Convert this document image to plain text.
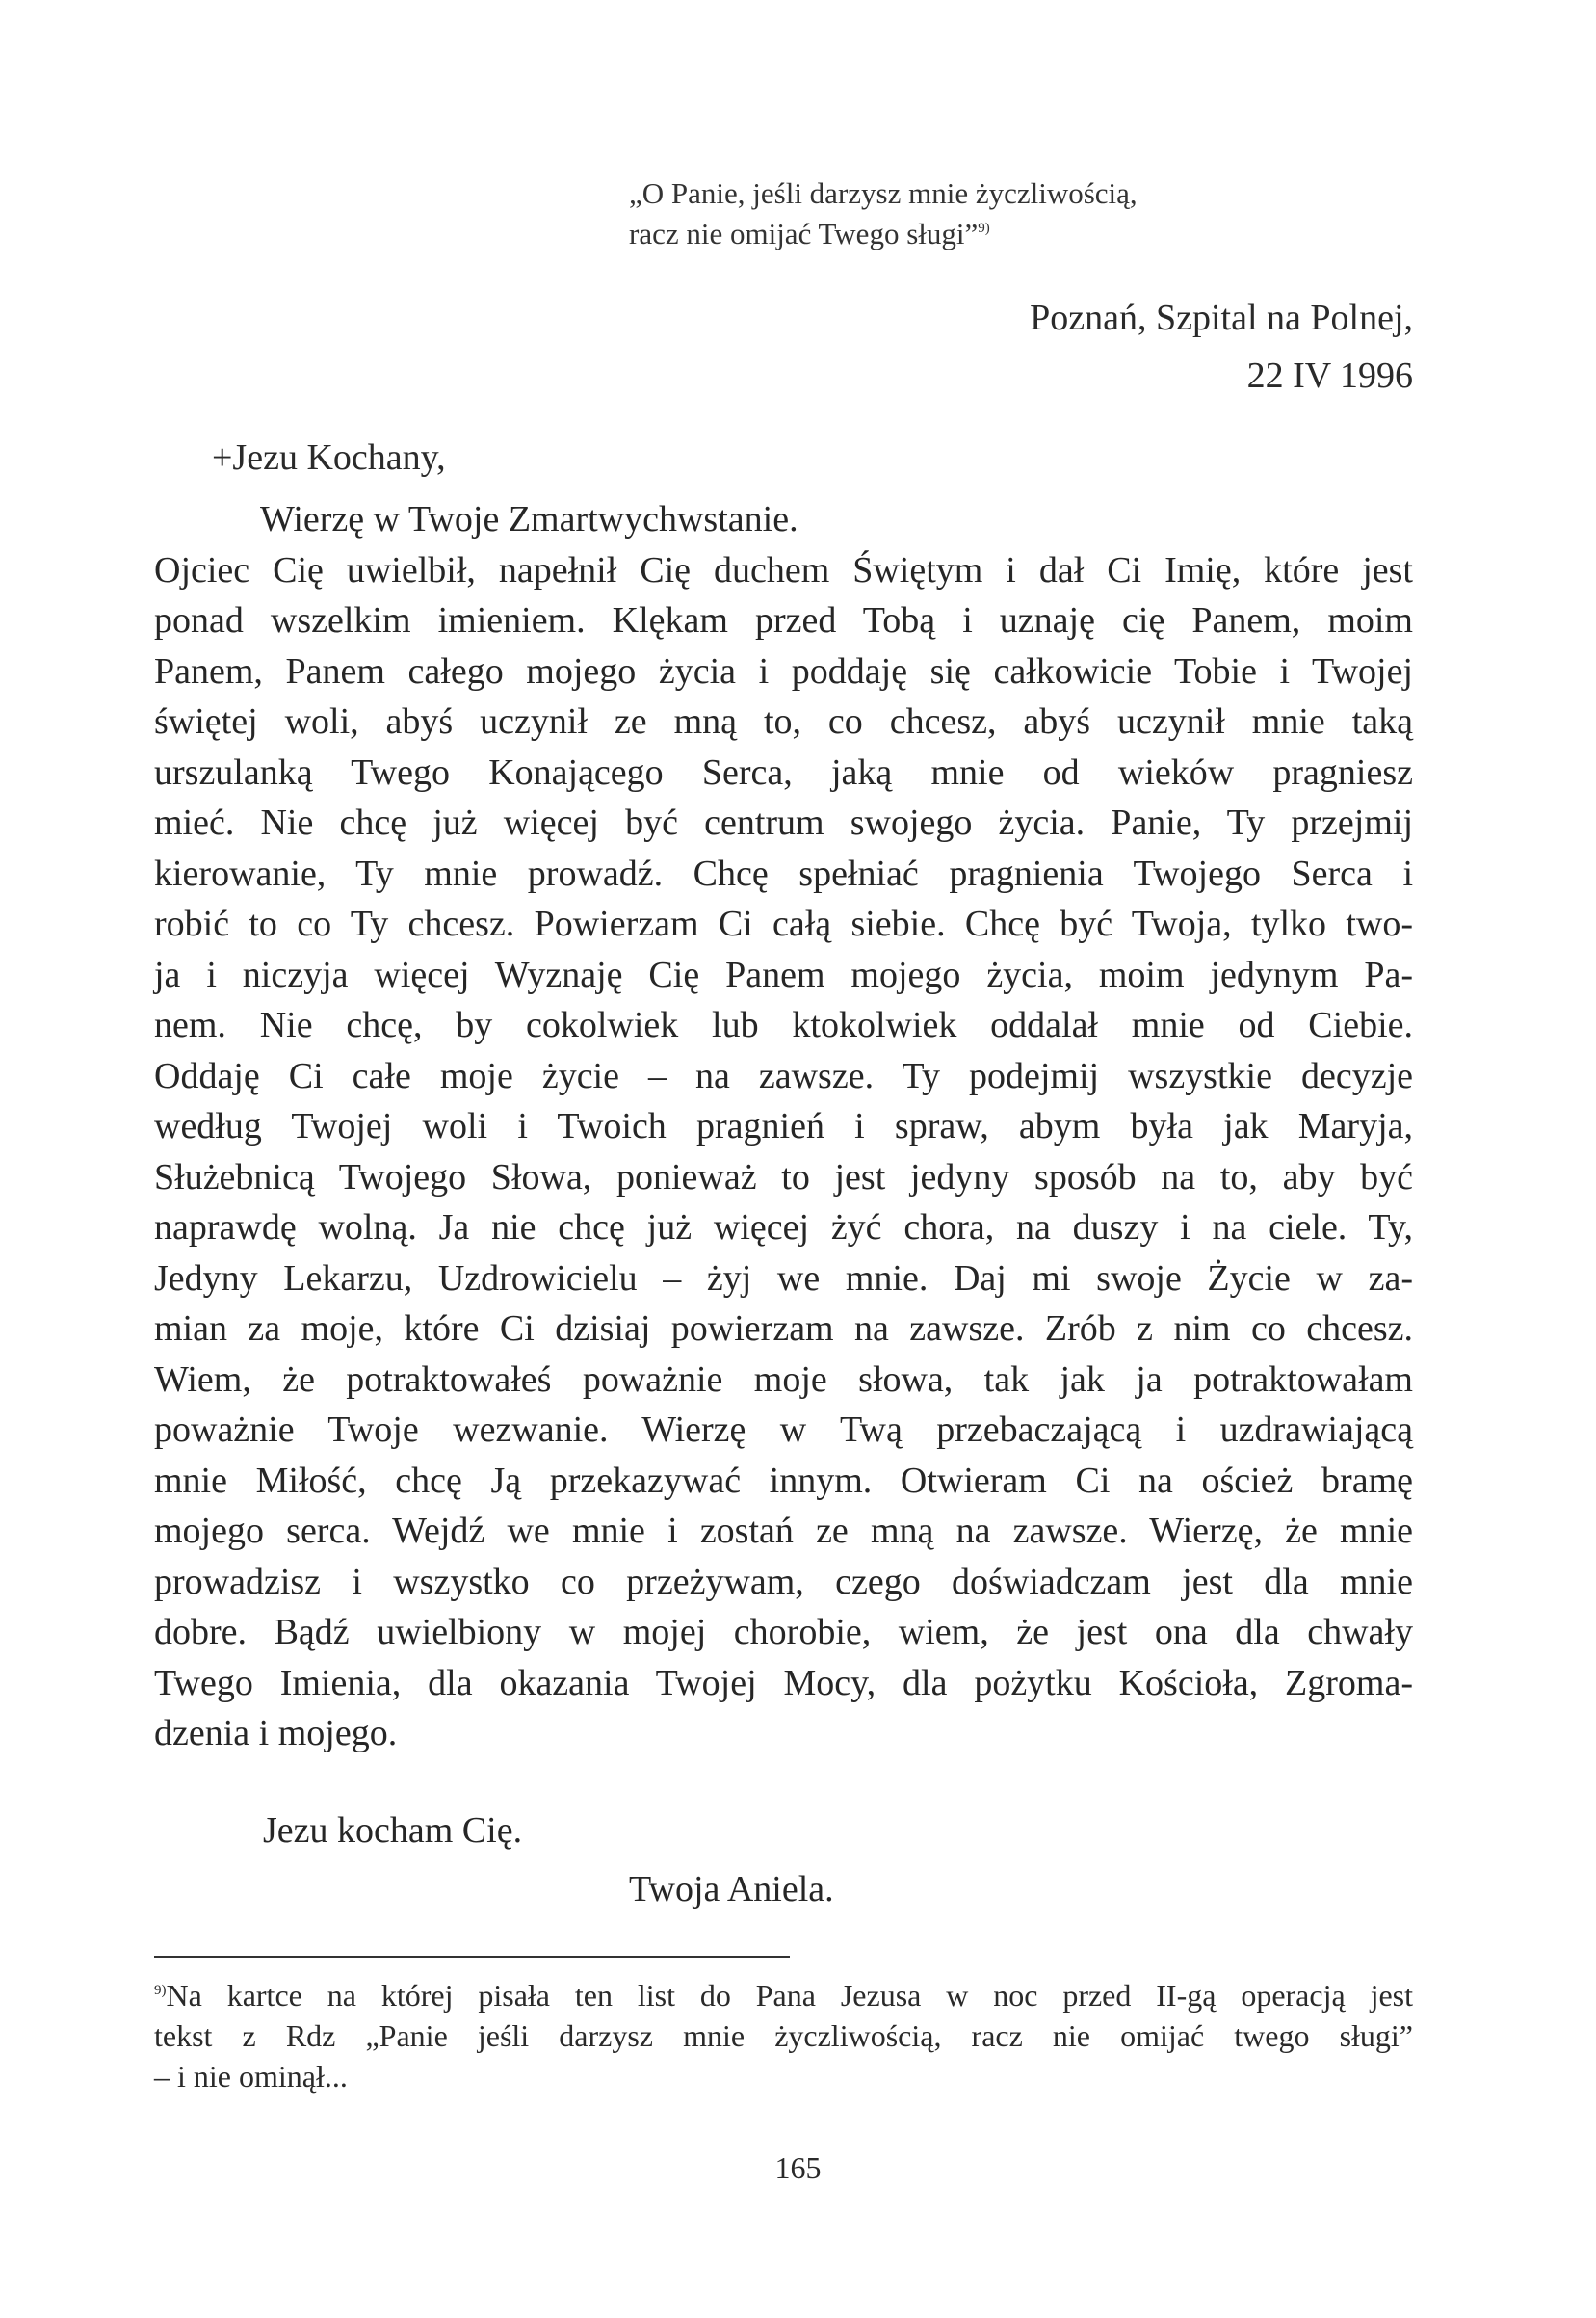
„O Panie, jeśli darzysz mnie życzliwością,
racz nie omijać Twego sługi”$^{9)}$
Poznań, Szpital na Polnej,
22 IV 1996
+Jezu Kochany,
Wierzę w Twoje Zmartwychwstanie.
Ojciec Cię uwielbił, napełnił Cię duchem Świętym i dał Ci Imię, które jest
ponad wszelkim imieniem. Klękam przed Tobą i uznaję cię Panem, moim
Panem, Panem całego mojego życia i poddaję się całkowicie Tobie i Twojej
świętej woli, abyś uczynił ze mną to, co chcesz, abyś uczynił mnie taką
urszulanką Twego Konającego Serca, jaką mnie od wieków pragniesz
mieć. Nie chcę już więcej być centrum swojego życia. Panie, Ty przejmij
kierowanie, Ty mnie prowadź. Chcę spełniać pragnienia Twojego Serca i
robić to co Ty chcesz. Powierzam Ci całą siebie. Chcę być Twoja, tylko two-
ja i niczyja więcej Wyznaję Cię Panem mojego życia, moim jedynym Pa-
nem. Nie chcę, by cokolwiek lub ktokolwiek oddalał mnie od Ciebie.
Oddaję Ci całe moje życie – na zawsze. Ty podejmij wszystkie decyzje
według Twojej woli i Twoich pragnień i spraw, abym była jak Maryja,
Służebnicą Twojego Słowa, ponieważ to jest jedyny sposób na to, aby być
naprawdę wolną. Ja nie chcę już więcej żyć chora, na duszy i na ciele. Ty,
Jedyny Lekarzu, Uzdrowicielu – żyj we mnie. Daj mi swoje Życie w za-
mian za moje, które Ci dzisiaj powierzam na zawsze. Zrób z nim co chcesz.
Wiem, że potraktowałeś poważnie moje słowa, tak jak ja potraktowałam
poważnie Twoje wezwanie. Wierzę w Twą przebaczającą i uzdrawiającą
mnie Miłość, chcę Ją przekazywać innym. Otwieram Ci na oścież bramę
mojego serca. Wejdź we mnie i zostań ze mną na zawsze. Wierzę, że mnie
prowadzisz i wszystko co przeżywam, czego doświadczam jest dla mnie
dobre. Bądź uwielbiony w mojej chorobie, wiem, że jest ona dla chwały
Twego Imienia, dla okazania Twojej Mocy, dla pożytku Kościoła, Zgroma-
dzenia i mojego.
Jezu kocham Cię.
Twoja Aniela.
$^{9)}$Na kartce na której pisała ten list do Pana Jezusa w noc przed II-gą operacją jest
tekst z Rdz „Panie jeśli darzysz mnie życzliwością, racz nie omijać twego sługi”
– i nie ominął...
165
